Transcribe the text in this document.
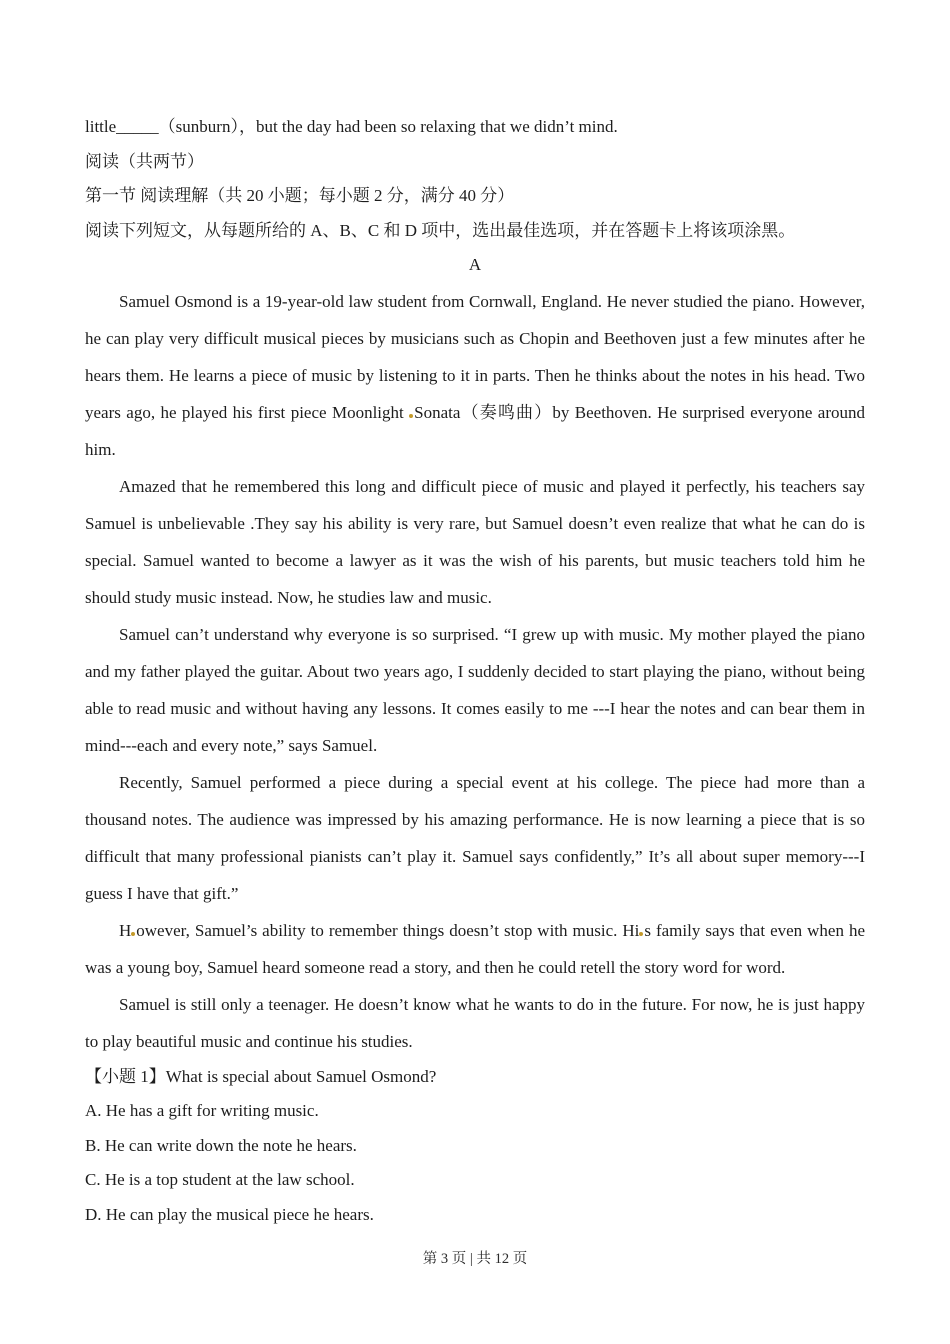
little_____（sunburn），but the day had been so relaxing that we didn’t mind.
阅读（共两节）
第一节 阅读理解（共 20 小题；每小题 2 分，满分 40 分）
阅读下列短文，从每题所给的 A、B、C 和 D 项中，选出最佳选项，并在答题卡上将该项涂黑。
A

Samuel Osmond is a 19-year-old law student from Cornwall, England. He never studied the piano. However, he can play very difficult musical pieces by musicians such as Chopin and Beethoven just a few minutes after he hears them. He learns a piece of music by listening to it in parts. Then he thinks about the notes in his head. Two years ago, he played his first piece Moonlight Sonata（奏鸣曲）by Beethoven. He surprised everyone around him.

Amazed that he remembered this long and difficult piece of music and played it perfectly, his teachers say Samuel is unbelievable .They say his ability is very rare, but Samuel doesn’t even realize that what he can do is special. Samuel wanted to become a lawyer as it was the wish of his parents, but music teachers told him he should study music instead. Now, he studies law and music.

Samuel can’t understand why everyone is so surprised. “I grew up with music. My mother played the piano and my father played the guitar. About two years ago, I suddenly decided to start playing the piano, without being able to read music and without having any lessons. It comes easily to me ---I hear the notes and can bear them in mind---each and every note,” says Samuel.

Recently, Samuel performed a piece during a special event at his college. The piece had more than a thousand notes. The audience was impressed by his amazing performance. He is now learning a piece that is so difficult that many professional pianists can’t play it. Samuel says confidently,” It’s all about super memory---I guess I have that gift.”

H owever, Samuel’s ability to remember things doesn’t stop with music. Hi s family says that even when he was a young boy, Samuel heard someone read a story, and then he could retell the story word for word.

Samuel is still only a teenager. He doesn’t know what he wants to do in the future. For now, he is just happy to play beautiful music and continue his studies.

【小题 1】What is special about Samuel Osmond?
A. He has a gift for writing music.
B. He can write down the note he hears.
C. He is a top student at the law school.
D. He can play the musical piece he hears.
第 3 页 | 共 12 页
